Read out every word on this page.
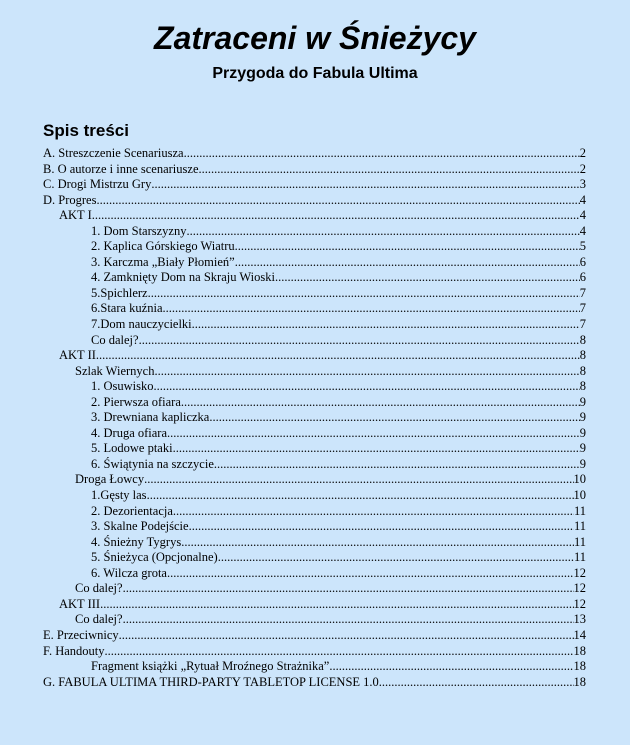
Zatraceni w Śnieżycy
Przygoda do Fabula Ultima
Spis treści
A. Streszczenie Scenariusza .....	2
B. O autorze i inne scenariusze .....	2
C. Drogi Mistrzu Gry .....	3
D. Progres .....	4
AKT I .....	4
1. Dom Starszyzny .....	4
2. Kaplica Górskiego Wiatru .....	5
3. Karczma „Biały Płomień” .....	6
4. Zamknięty Dom na Skraju Wioski .....	6
5.Spichlerz .....	7
6.Stara kuźnia .....	7
7.Dom nauczycielki .....	7
Co dalej? .....	8
AKT II .....	8
Szlak Wiernych .....	8
1. Osuwisko .....	8
2. Pierwsza ofiara .....	9
3. Drewniana kapliczka .....	9
4. Druga ofiara .....	9
5. Lodowe ptaki .....	9
6. Świątynia na szczycie .....	9
Droga Łowcy .....	10
1.Gęsty las .....	10
2. Dezorientacja .....	11
3. Skalne Podejście .....	11
4. Śnieżny Tygrys .....	11
5. Śnieżyca (Opcjonalne) .....	11
6. Wilcza grota .....	12
Co dalej? .....	12
AKT III .....	12
Co dalej? .....	13
E. Przeciwnicy .....	14
F. Handouty .....	18
Fragment książki „Rytuał Mroźnego Strażnika” .....	18
G. FABULA ULTIMA THIRD-PARTY TABLETOP LICENSE 1.0 .....	18
